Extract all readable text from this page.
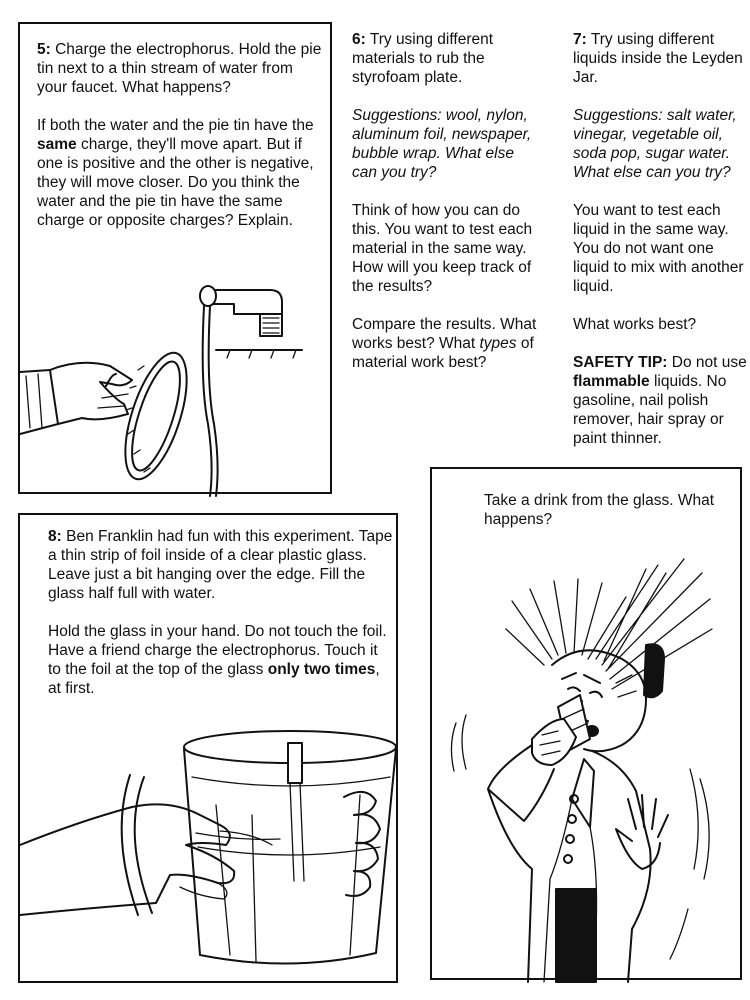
5: Charge the electrophorus. Hold the pie tin next to a thin stream of water from your faucet. What happens?

If both the water and the pie tin have the same charge, they'll move apart. But if one is positive and the other is negative, they will move closer. Do you think the water and the pie tin have the same charge or opposite charges? Explain.

6: Try using different materials to rub the styrofoam plate.

Suggestions: wool, nylon, aluminum foil, newspaper, bubble wrap. What else can you try?

Think of how you can do this. You want to test each material in the same way. How will you keep track of the results?

Compare the results. What works best? What types of material work best?

7: Try using different liquids inside the Leyden Jar.

Suggestions: salt water, vinegar, vegetable oil, soda pop, sugar water. What else can you try?

You want to test each liquid in the same way. You do not want one liquid to mix with another liquid.

What works best?

SAFETY TIP: Do not use flammable liquids. No gasoline, nail polish remover, hair spray or paint thinner.

8: Ben Franklin had fun with this experiment. Tape a thin strip of foil inside of a clear plastic glass. Leave just a bit hanging over the edge. Fill the glass half full with water.

Hold the glass in your hand. Do not touch the foil. Have a friend charge the electrophorus. Touch it to the foil at the top of the glass only two times, at first.

Take a drink from the glass. What happens?
